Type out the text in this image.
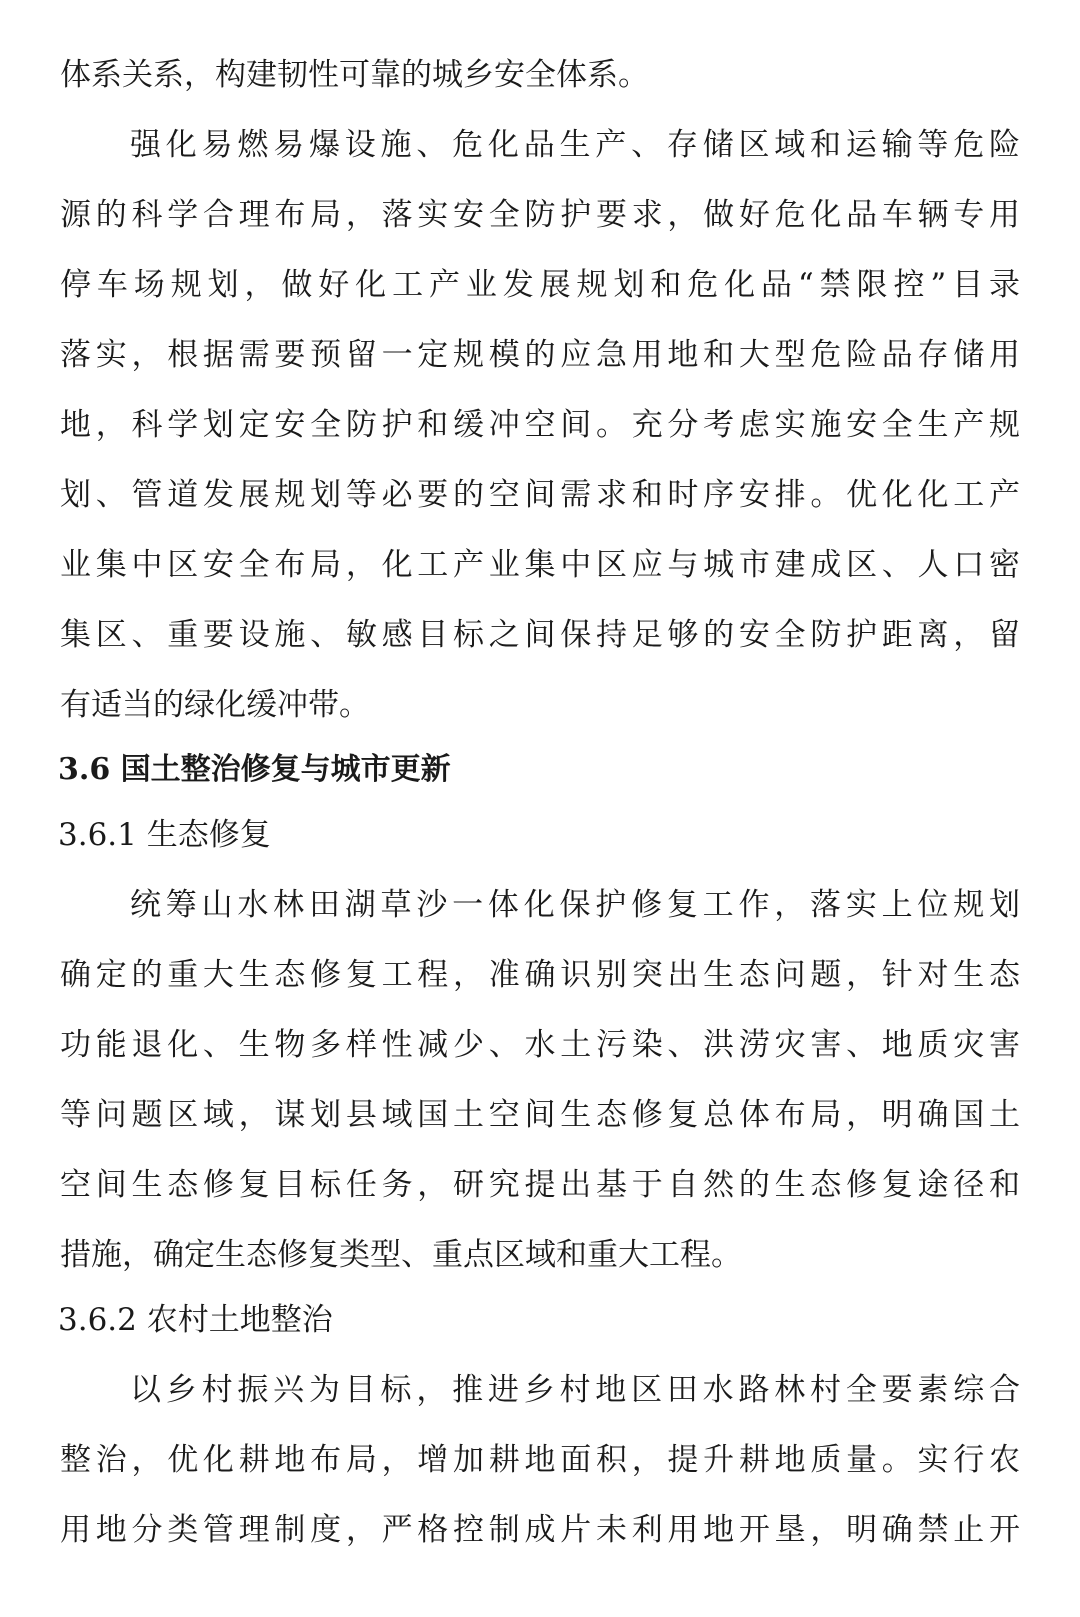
体系关系，构建韧性可靠的城乡安全体系。

强化易燃易爆设施、危化品生产、存储区域和运输等危险

源的科学合理布局，落实安全防护要求，做好危化品车辆专用

停车场规划，做好化工产业发展规划和危化品“禁限控”目录

落实，根据需要预留一定规模的应急用地和大型危险品存储用

地，科学划定安全防护和缓冲空间。充分考虑实施安全生产规

划、管道发展规划等必要的空间需求和时序安排。优化化工产

业集中区安全布局，化工产业集中区应与城市建成区、人口密

集区、重要设施、敏感目标之间保持足够的安全防护距离，留

有适当的绿化缓冲带。

3.6 国土整治修复与城市更新
3.6.1 生态修复

统筹山水林田湖草沙一体化保护修复工作，落实上位规划

确定的重大生态修复工程，准确识别突出生态问题，针对生态

功能退化、生物多样性减少、水土污染、洪涝灾害、地质灾害

等问题区域，谋划县域国土空间生态修复总体布局，明确国土

空间生态修复目标任务，研究提出基于自然的生态修复途径和

措施，确定生态修复类型、重点区域和重大工程。

3.6.2 农村土地整治

以乡村振兴为目标，推进乡村地区田水路林村全要素综合

整治，优化耕地布局，增加耕地面积，提升耕地质量。实行农

用地分类管理制度，严格控制成片未利用地开垦，明确禁止开
